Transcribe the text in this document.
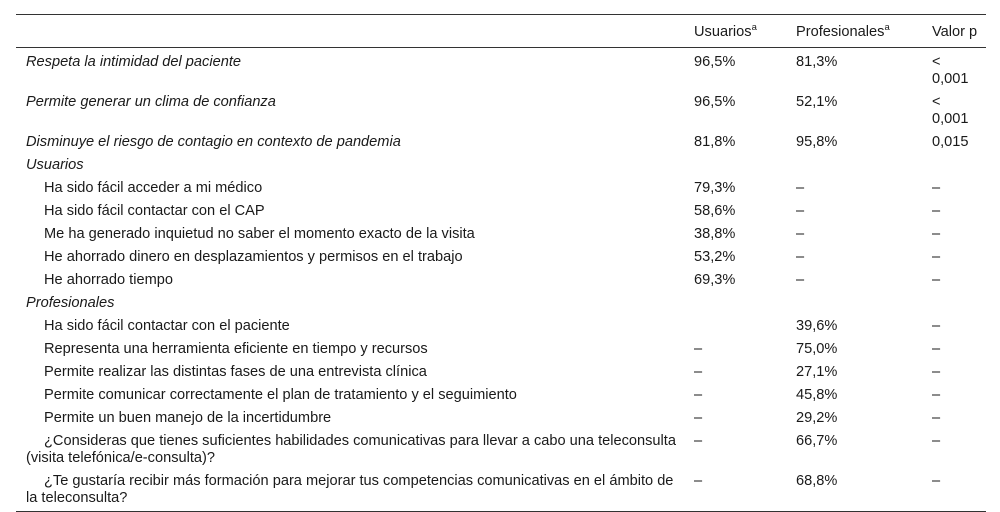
	Usuarios$^a$	Profesionales$^a$	Valor p
Respeta la intimidad del paciente	96,5%	81,3%	<0,001
Permite generar un clima de confianza	96,5%	52,1%	<0,001
Disminuye el riesgo de contagio en contexto de pandemia	81,8%	95,8%	0,015
Usuarios			
Ha sido fácil acceder a mi médico	79,3%	–	–
Ha sido fácil contactar con el CAP	58,6%	–	–
Me ha generado inquietud no saber el momento exacto de la visita	38,8%	–	–
He ahorrado dinero en desplazamientos y permisos en el trabajo	53,2%	–	–
He ahorrado tiempo	69,3%	–	–
Profesionales			
Ha sido fácil contactar con el paciente		39,6%	–
Representa una herramienta eficiente en tiempo y recursos	–	75,0%	–
Permite realizar las distintas fases de una entrevista clínica	–	27,1%	–
Permite comunicar correctamente el plan de tratamiento y el seguimiento	–	45,8%	–
Permite un buen manejo de la incertidumbre	–	29,2%	–
¿Consideras que tienes suficientes habilidades comunicativas para llevar a cabo una teleconsulta (visita telefónica/e-consulta)?	–	66,7%	–
¿Te gustaría recibir más formación para mejorar tus competencias comunicativas en el ámbito de la teleconsulta?	–	68,8%	–
